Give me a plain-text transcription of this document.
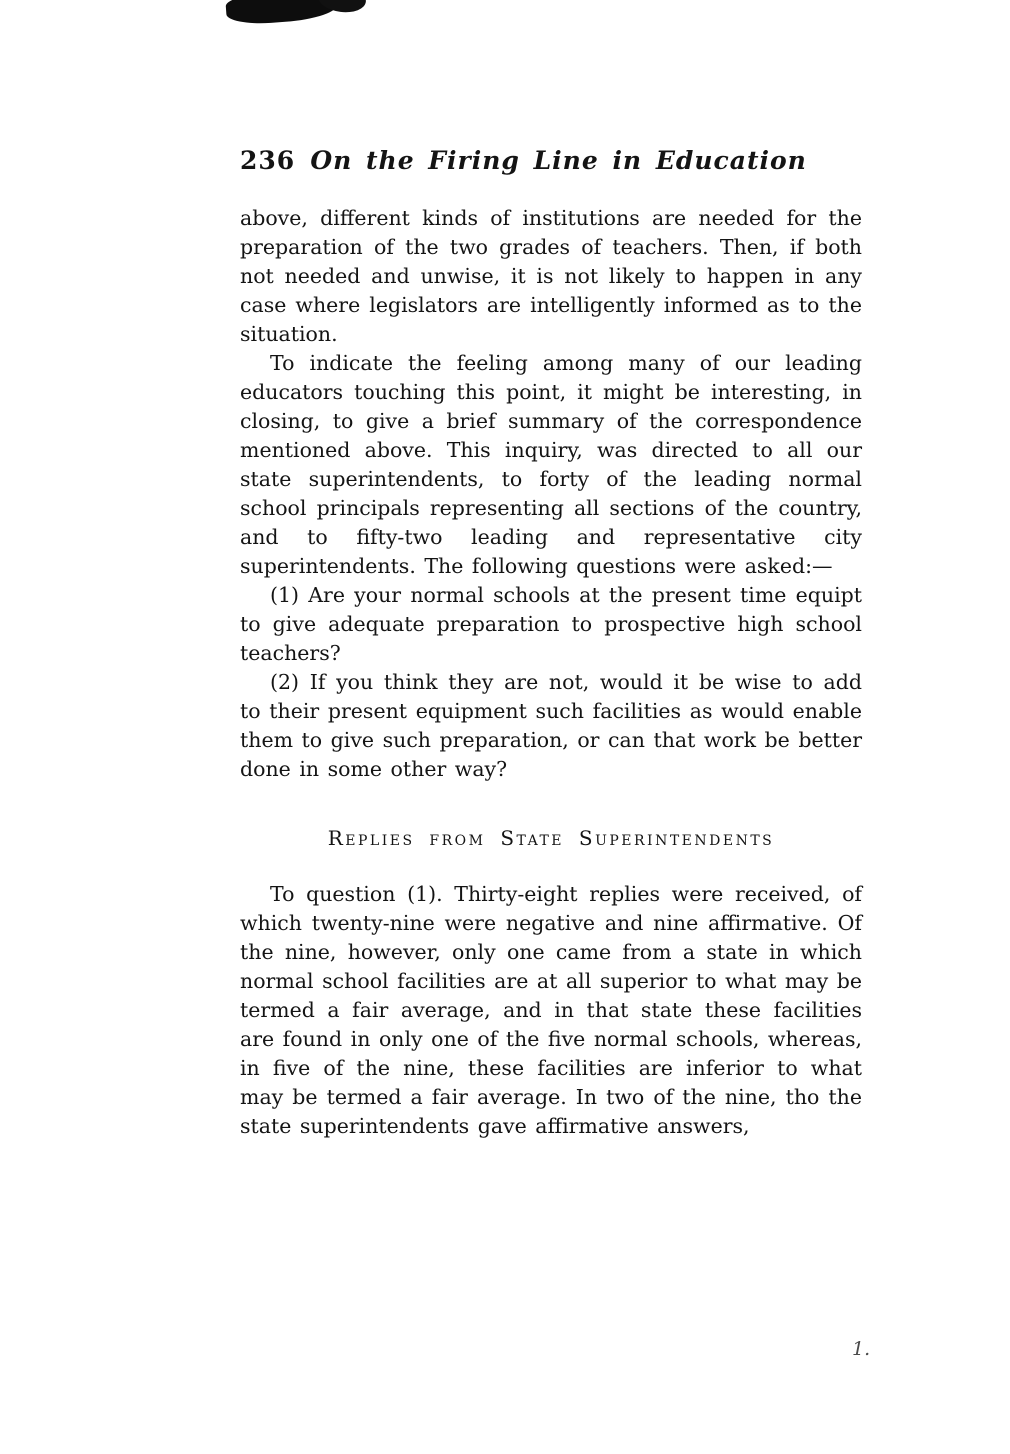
236 On the Firing Line in Education

above, different kinds of institutions are needed for the preparation of the two grades of teachers. Then, if both not needed and unwise, it is not likely to happen in any case where legislators are intelligently informed as to the situation.

To indicate the feeling among many of our leading educators touching this point, it might be interesting, in closing, to give a brief summary of the correspondence mentioned above. This inquiry, was directed to all our state superintendents, to forty of the leading normal school principals representing all sections of the country, and to fifty-two leading and representative city superintendents. The following questions were asked:—

(1) Are your normal schools at the present time equipt to give adequate preparation to prospective high school teachers?

(2) If you think they are not, would it be wise to add to their present equipment such facilities as would enable them to give such preparation, or can that work be better done in some other way?

Replies from State Superintendents

To question (1). Thirty-eight replies were received, of which twenty-nine were negative and nine affirmative. Of the nine, however, only one came from a state in which normal school facilities are at all superior to what may be termed a fair average, and in that state these facilities are found in only one of the five normal schools, whereas, in five of the nine, these facilities are inferior to what may be termed a fair average. In two of the nine, tho the state superintendents gave affirmative answers,

1.
